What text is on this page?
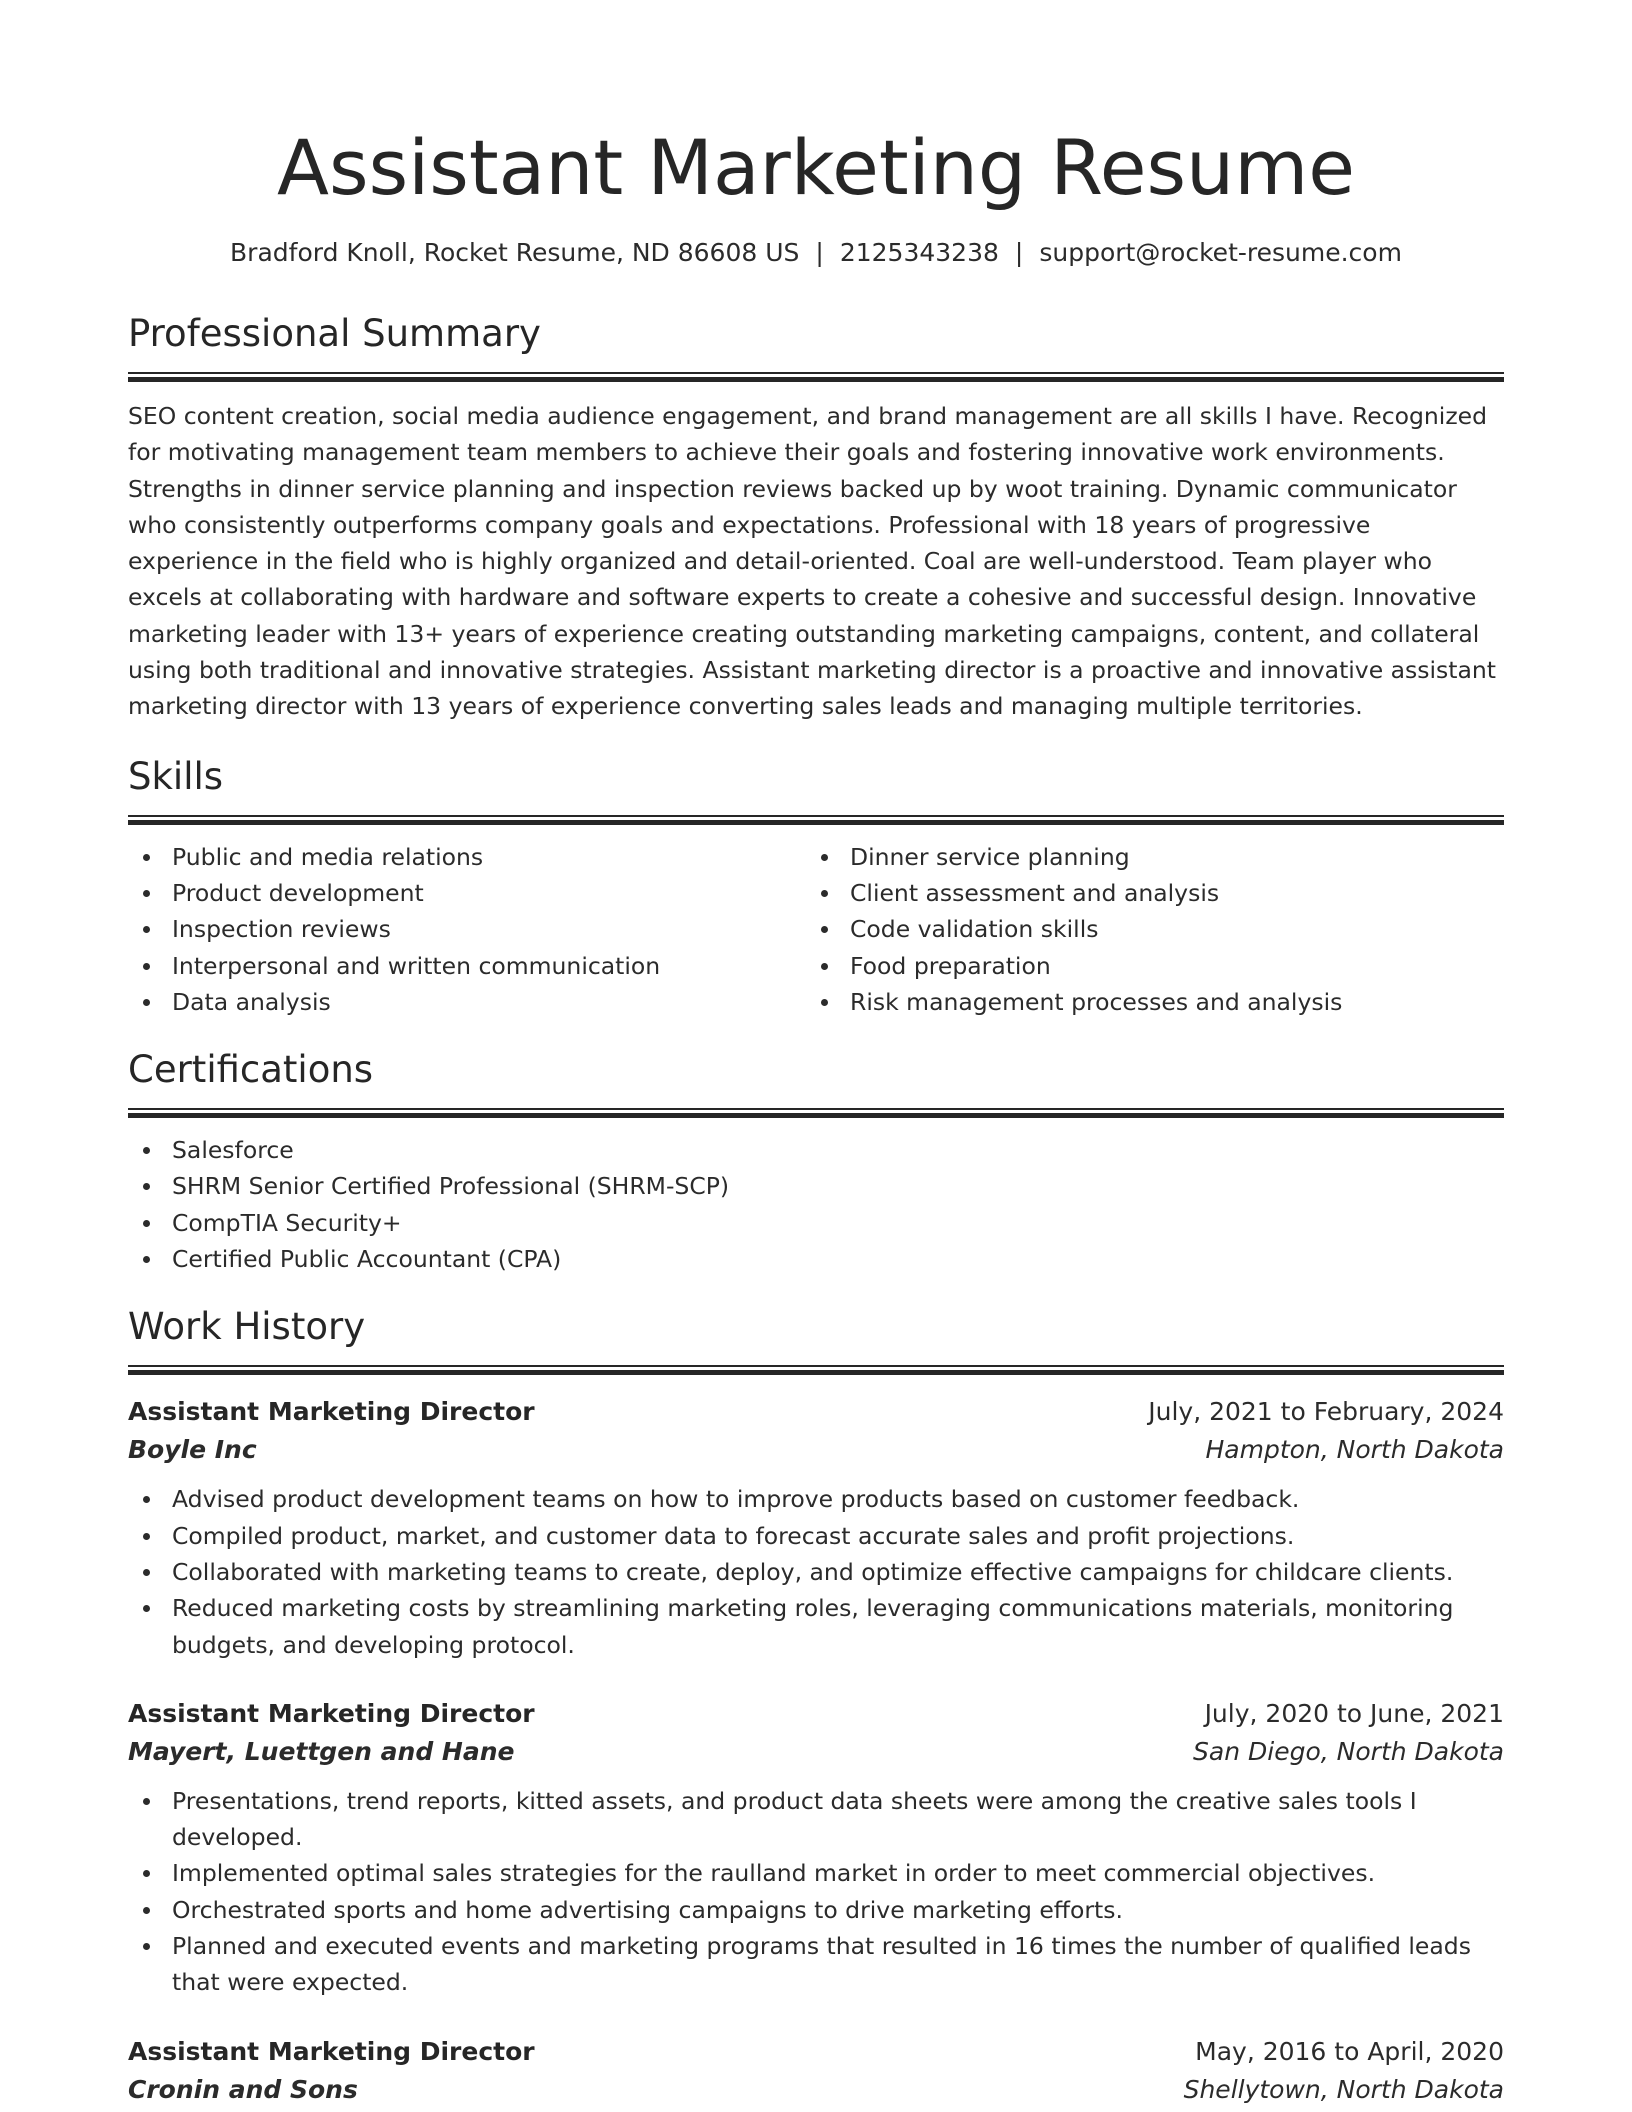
Assistant Marketing Resume
Bradford Knoll, Rocket Resume, ND 86608 US | 2125343238 | support@rocket-resume.com
Professional Summary

SEO content creation, social media audience engagement, and brand management are all skills I have. Recognized for motivating management team members to achieve their goals and fostering innovative work environments. Strengths in dinner service planning and inspection reviews backed up by woot training. Dynamic communicator who consistently outperforms company goals and expectations. Professional with 18 years of progressive experience in the field who is highly organized and detail-oriented. Coal are well-understood. Team player who excels at collaborating with hardware and software experts to create a cohesive and successful design. Innovative marketing leader with 13+ years of experience creating outstanding marketing campaigns, content, and collateral using both traditional and innovative strategies. Assistant marketing director is a proactive and innovative assistant marketing director with 13 years of experience converting sales leads and managing multiple territories.

Skills
Public and media relations
Product development
Inspection reviews
Interpersonal and written communication
Data analysis
Dinner service planning
Client assessment and analysis
Code validation skills
Food preparation
Risk management processes and analysis
Certifications
Salesforce
SHRM Senior Certified Professional (SHRM-SCP)
CompTIA Security+
Certified Public Accountant (CPA)
Work History
Assistant Marketing Director	July, 2021 to February, 2024
Boyle Inc	Hampton, North Dakota
Advised product development teams on how to improve products based on customer feedback.
Compiled product, market, and customer data to forecast accurate sales and profit projections.
Collaborated with marketing teams to create, deploy, and optimize effective campaigns for childcare clients.
Reduced marketing costs by streamlining marketing roles, leveraging communications materials, monitoring budgets, and developing protocol.
Assistant Marketing Director	July, 2020 to June, 2021
Mayert, Luettgen and Hane	San Diego, North Dakota
Presentations, trend reports, kitted assets, and product data sheets were among the creative sales tools I developed.
Implemented optimal sales strategies for the raulland market in order to meet commercial objectives.
Orchestrated sports and home advertising campaigns to drive marketing efforts.
Planned and executed events and marketing programs that resulted in 16 times the number of qualified leads that were expected.
Assistant Marketing Director	May, 2016 to April, 2020
Cronin and Sons	Shellytown, North Dakota
